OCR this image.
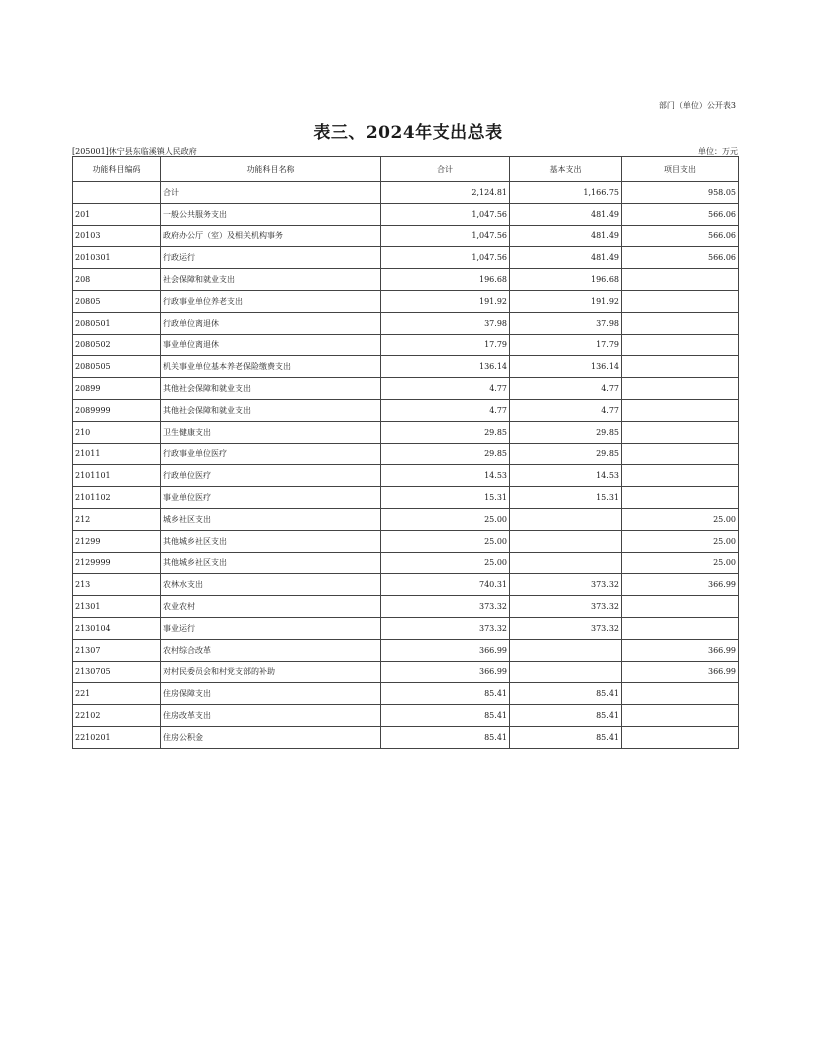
部门（单位）公开表3
表三、2024年支出总表
[205001]休宁县东临溪镇人民政府	单位：万元
功能科目编码	功能科目名称	合计	基本支出	项目支出
	合计	2,124.81	1,166.75	958.05
201	一般公共服务支出	1,047.56	481.49	566.06
20103	政府办公厅（室）及相关机构事务	1,047.56	481.49	566.06
2010301	行政运行	1,047.56	481.49	566.06
208	社会保障和就业支出	196.68	196.68	
20805	行政事业单位养老支出	191.92	191.92	
2080501	行政单位离退休	37.98	37.98	
2080502	事业单位离退休	17.79	17.79	
2080505	机关事业单位基本养老保险缴费支出	136.14	136.14	
20899	其他社会保障和就业支出	4.77	4.77	
2089999	其他社会保障和就业支出	4.77	4.77	
210	卫生健康支出	29.85	29.85	
21011	行政事业单位医疗	29.85	29.85	
2101101	行政单位医疗	14.53	14.53	
2101102	事业单位医疗	15.31	15.31	
212	城乡社区支出	25.00		25.00
21299	其他城乡社区支出	25.00		25.00
2129999	其他城乡社区支出	25.00		25.00
213	农林水支出	740.31	373.32	366.99
21301	农业农村	373.32	373.32	
2130104	事业运行	373.32	373.32	
21307	农村综合改革	366.99		366.99
2130705	对村民委员会和村党支部的补助	366.99		366.99
221	住房保障支出	85.41	85.41	
22102	住房改革支出	85.41	85.41	
2210201	住房公积金	85.41	85.41	
